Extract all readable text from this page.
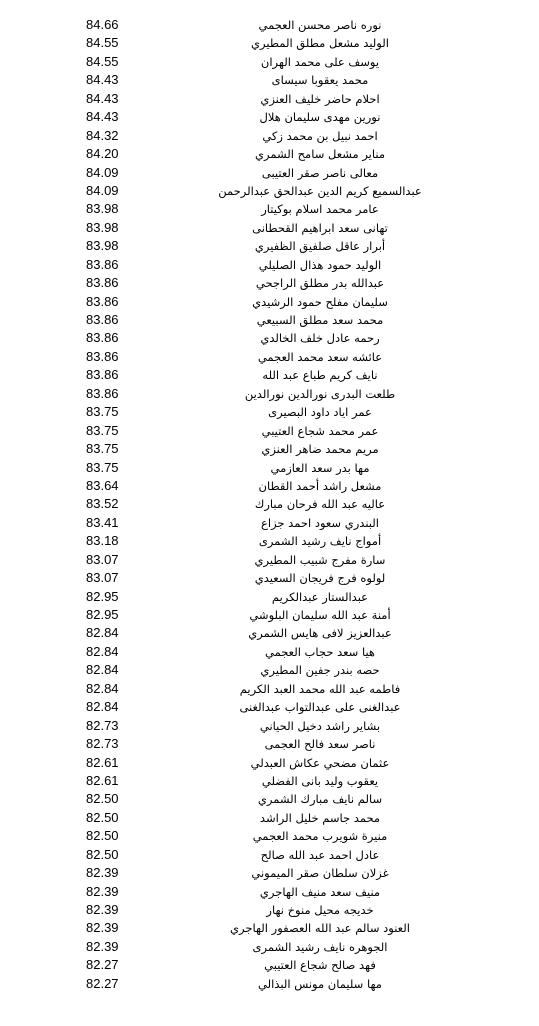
84.66	نوره ناصر محسن العجمي
84.55	الوليد مشعل مطلق المطيري
84.55	يوسف على محمد الهران
84.43	محمد يعقوبا سيساى
84.43	احلام حاضر خليف العنزي
84.43	نورين مهدى سليمان هلال
84.32	احمد نبيل بن محمد زكي
84.20	مناير مشعل سامح الشمري
84.09	معالى ناصر صقر العتيبى
84.09	عبدالسميع كريم الدين عبدالحق عبدالرحمن
83.98	عامر محمد اسلام بوكيتار
83.98	تهانى سعد ابراهيم القحطانى
83.98	أبرار عاقل صلفيق الظفيري
83.86	الوليد حمود هذال الصليلي
83.86	عبدالله بدر مطلق الراجحي
83.86	سليمان مفلح حمود الرشيدي
83.86	محمد سعد مطلق السبيعي
83.86	رحمه عادل خلف الخالدي
83.86	عائشه سعد محمد العجمي
83.86	نايف كريم طباع عبد الله
83.86	طلعت البدرى نورالدين نورالدين
83.75	عمر اياد داود البصيرى
83.75	عمر محمد شجاع العتيبي
83.75	مريم محمد ضاهر العنزي
83.75	مها بدر سعد العازمي
83.64	مشعل راشد أحمد القطان
83.52	عاليه عبد الله فرحان مبارك
83.41	البندري سعود احمد جزاع
83.18	أمواج نايف رشيد الشمرى
83.07	سارة مفرج شبيب المطيري
83.07	لولوه فرج فريجان السعيدي
82.95	عبدالستار عبدالكريم
82.95	أمنة عبد الله سليمان البلوشي
82.84	عبدالعزيز لافى هايس الشمري
82.84	هيا سعد حجاب العجمي
82.84	حصه بندر جفين المطيري
82.84	فاطمه عبد الله محمد العبد الكريم
82.84	عبدالغنى على عبدالتواب عبدالغنى
82.73	بشاير راشد دخيل الحياني
82.73	ناصر سعد فالح العجمى
82.61	عثمان مضحي عكاش العبدلي
82.61	يعقوب وليد بانى الفضلي
82.50	سالم نايف مبارك الشمري
82.50	محمد جاسم خليل الراشد
82.50	منيرة شويرب محمد العجمي
82.50	عادل احمد عبد الله صالح
82.39	غزلان سلطان صقر الميموني
82.39	منيف سعد منيف الهاجري
82.39	خديجه محيل منوخ نهار
82.39	العنود سالم عبد الله العصفور الهاجري
82.39	الجوهره نايف رشيد الشمرى
82.27	فهد صالح شجاع العتيبي
82.27	مها سليمان مونس البذالي
